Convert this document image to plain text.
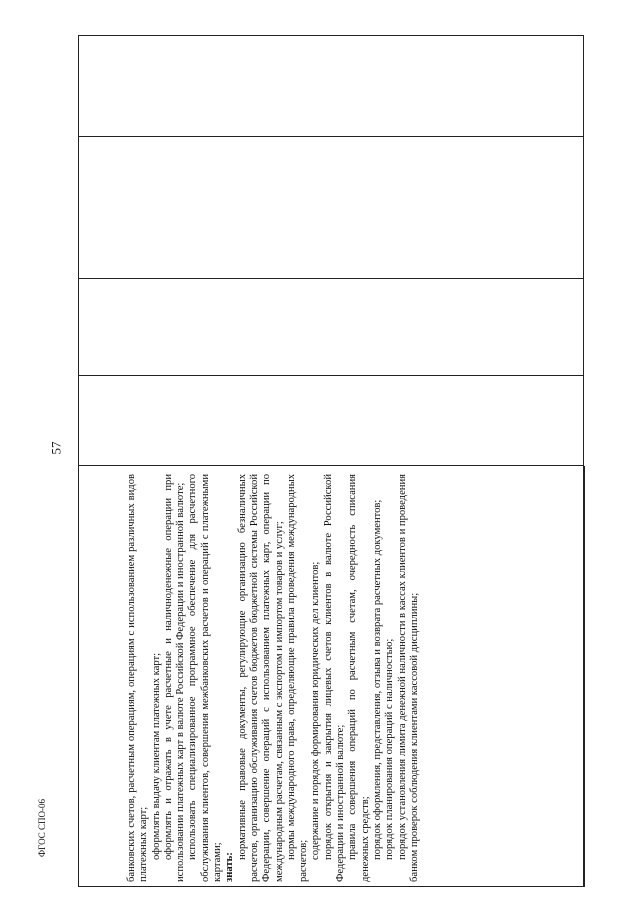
57
банковских счетов, расчетным операциям, операциям с использованием различных видов платежных карт; оформлять выдачу клиентам платежных карт; оформлять и отражать в учете расчетные и наличноденежные операции при использовании платежных карт в валюте Российской Федерации и иностранной валюте; использовать специализированное программное обеспечение для расчетного обслуживания клиентов, совершения межбанковских расчетов и операций с платежными картами; знать:
нормативные правовые документы, регулирующие организацию безналичных расчетов, организацию обслуживания счетов бюджетов бюджетной системы Российской Федерации, совершение операций с использованием платежных карт, операции по международным расчетам, связанным с экспортом и импортом товаров и услуг; нормы международного права, определяющие правила проведения международных расчетов;
содержание и порядок формирования юридических дел клиентов; порядок открытия и закрытия лицевых счетов клиентов в валюте Российской Федерации и иностранной валюте; правила совершения операций по расчетным счетам, очередность списания денежных средств; порядок оформления, представления, отзыва и возврата расчетных документов; порядок планирования операций с наличностью; порядок установления лимита денежной наличности в кассах клиентов и проведения банком проверок соблюдения клиентами кассовой дисциплины;
ФГОС СПО-06
